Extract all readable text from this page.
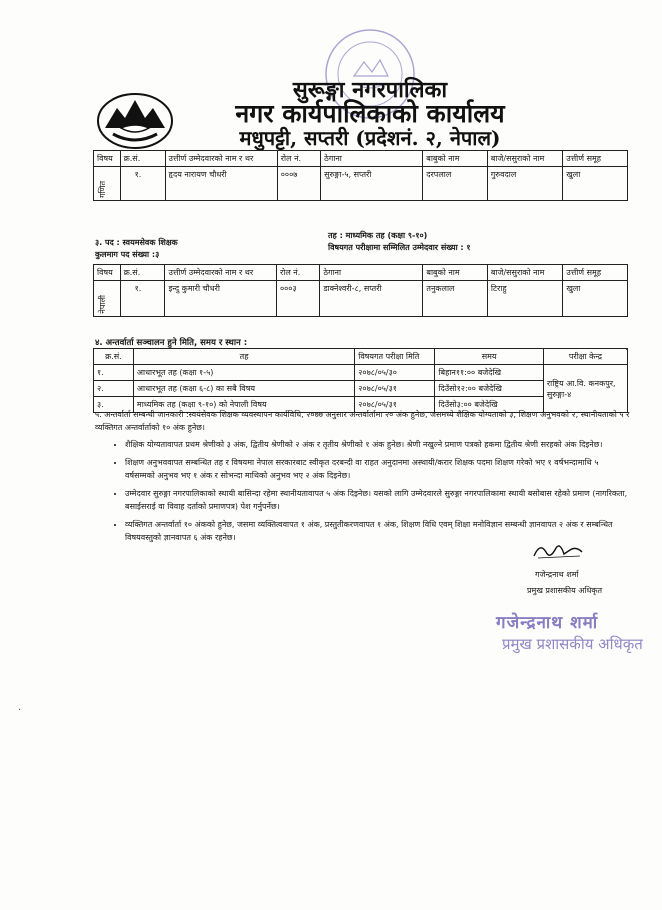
सुरूङ्गा नगरपालिका
नगर कार्यपालिकाको कार्यालय
मधुपट्टी, सप्तरी (प्रदेशनं. २, नेपाल)
विषय	क्र.सं.	उत्तीर्ण उम्मेदवारको नाम र थर	रोल नं.	ठेगाना	बाबुको नाम	बाजे/ससुराको नाम	उत्तीर्ण समूह

गणित	१.	हृदय नारायण चौधरी	०००७	सुरुङ्गा-५, सप्तरी	दरपलाल	गुरुवदाल	खुला
३. पद : स्वयमसेवक शिक्षक
कुलमाग पद संख्या :३
तह : माध्यमिक तह (कक्षा ९-१०)
विषयगत परीक्षामा सम्मिलित उम्मेदवार संख्या : १
विषय	क्र.सं.	उत्तीर्ण उम्मेदवारको नाम र थर	रोल नं.	ठेगाना	बाबुको नाम	बाजे/ससुराको नाम	उत्तीर्ण समूह

नेपाली	१.	इन्दु कुमारी चौधरी	०००३	डाक्नेश्वरी-८, सप्तरी	तनुकलाल	टिराहु	खुला
४. अन्तर्वार्ता सञ्चालन हुने मिति, समय र स्थान :
क्र.सं.	तह	विषयगत परीक्षा मिति	समय	परीक्षा केन्द्र
१.	आधारभूत तह (कक्षा १-५)	२०७८/०५/३०	बिहान११:०० बजेदेखि	राष्ट्रिय आ.वि. कनकपुर,
सुरुङ्गा-४

२.	आधारभूत तह (कक्षा ६-८) का सबै विषय	२०७८/०५/३१	दिउँसो१२:०० बजेदेखि	
३.	माध्यमिक तह (कक्षा ९-१०) को नेपाली विषय	२०७८/०५/३१	दिउँसो३:०० बजेदेखि	
५. अन्तर्वार्ता सम्बन्धी जानकारी :स्वयंसेवक शिक्षक व्यवस्थापन कार्यविधि, २०७७ अनुसार अन्तर्वार्तामा २० अंक हुनेछ, जसमध्ये शैक्षिक योग्यताको ३, शिक्षण अनुभवको २, स्थानीयताको ५ र व्यक्तिगत अन्तर्वार्ताको १० अंक हुनेछ।
• शैक्षिक योग्यतावापत प्रथम श्रेणीको ३ अंक, द्वितीय श्रेणीको २ अंक र तृतीय श्रेणीको १ अंक हुनेछ। श्रेणी नखुल्ने प्रमाण पत्रको हकमा द्वितीय श्रेणी सरहको अंक दिइनेछ।
• शिक्षण अनुभववापत सम्बन्धित तह र विषयमा नेपाल सरकारबाट स्वीकृत दरबन्दी वा राहत अनुदानमा अस्थायी/करार शिक्षक पदमा शिक्षण गरेको भए १ वर्षभन्दामाथि ५ वर्षसम्मको अनुभव भए १ अंक र सोभन्दा माथिको अनुभव भए २ अंक दिइनेछ।
• उम्मेदवार सुरुङ्गा नगरपालिकाको स्थायी बासिन्दा रहेमा स्थानीयतावापत ५ अंक दिइनेछ। यसको लागि उम्मेदवारले सुरुङ्गा नगरपालिकामा स्थायी बसोबास रहेको प्रमाण (नागरिकता, बसाईसराई वा विवाह दर्ताको प्रमाणपत्र) पेश गर्नुपर्नेछ।
• व्यक्तिगत अन्तर्वार्ता १० अंकको हुनेछ, जसमा व्यक्तित्ववापत १ अंक, प्रस्तुतीकरणवापत १ अंक, शिक्षण विधि एवम् शिक्षा मनोविज्ञान सम्बन्धी ज्ञानवापत २ अंक र सम्बन्धित विषयवस्तुको ज्ञानवापत ६ अंक रहनेछ।
गजेन्द्रनाथ शर्मा
प्रमुख प्रशासकीय अधिकृत
गजेन्द्रनाथ शर्मा
प्रमुख प्रशासकीय अधिकृत
·
·
